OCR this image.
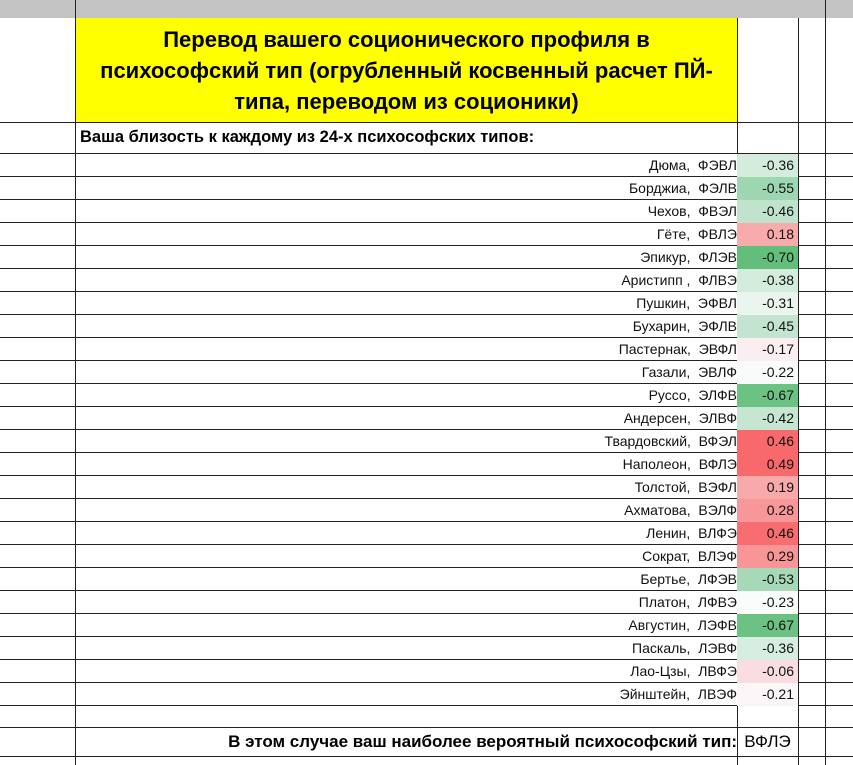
Перевод вашего соционического профиля в психософский тип (огрубленный косвенный расчет ПЙ-типа, переводом из соционики)
Ваша близость к каждому из 24-х психософских типов:
-0.36
Дюма,  ФЭВЛ
-0.55
Борджиа,  ФЭЛВ
-0.46
Чехов,  ФВЭЛ
0.18
Гёте,  ФВЛЭ
-0.70
Эпикур,  ФЛЭВ
-0.38
Аристипп ,  ФЛВЭ
-0.31
Пушкин,  ЭФВЛ
-0.45
Бухарин,  ЭФЛВ
-0.17
Пастернак,  ЭВФЛ
-0.22
Газали,  ЭВЛФ
-0.67
Руссо,  ЭЛФВ
-0.42
Андерсен,  ЭЛВФ
0.46
Твардовский,  ВФЭЛ
0.49
Наполеон,  ВФЛЭ
0.19
Толстой,  ВЭФЛ
0.28
Ахматова,  ВЭЛФ
0.46
Ленин,  ВЛФЭ
0.29
Сократ,  ВЛЭФ
-0.53
Бертье,  ЛФЭВ
-0.23
Платон,  ЛФВЭ
-0.67
Августин,  ЛЭФВ
-0.36
Паскаль,  ЛЭВФ
-0.06
Лао-Цзы,  ЛВФЭ
-0.21
Эйнштейн,  ЛВЭФ
В этом случае ваш наиболее вероятный психософский тип: ВФЛЭ
